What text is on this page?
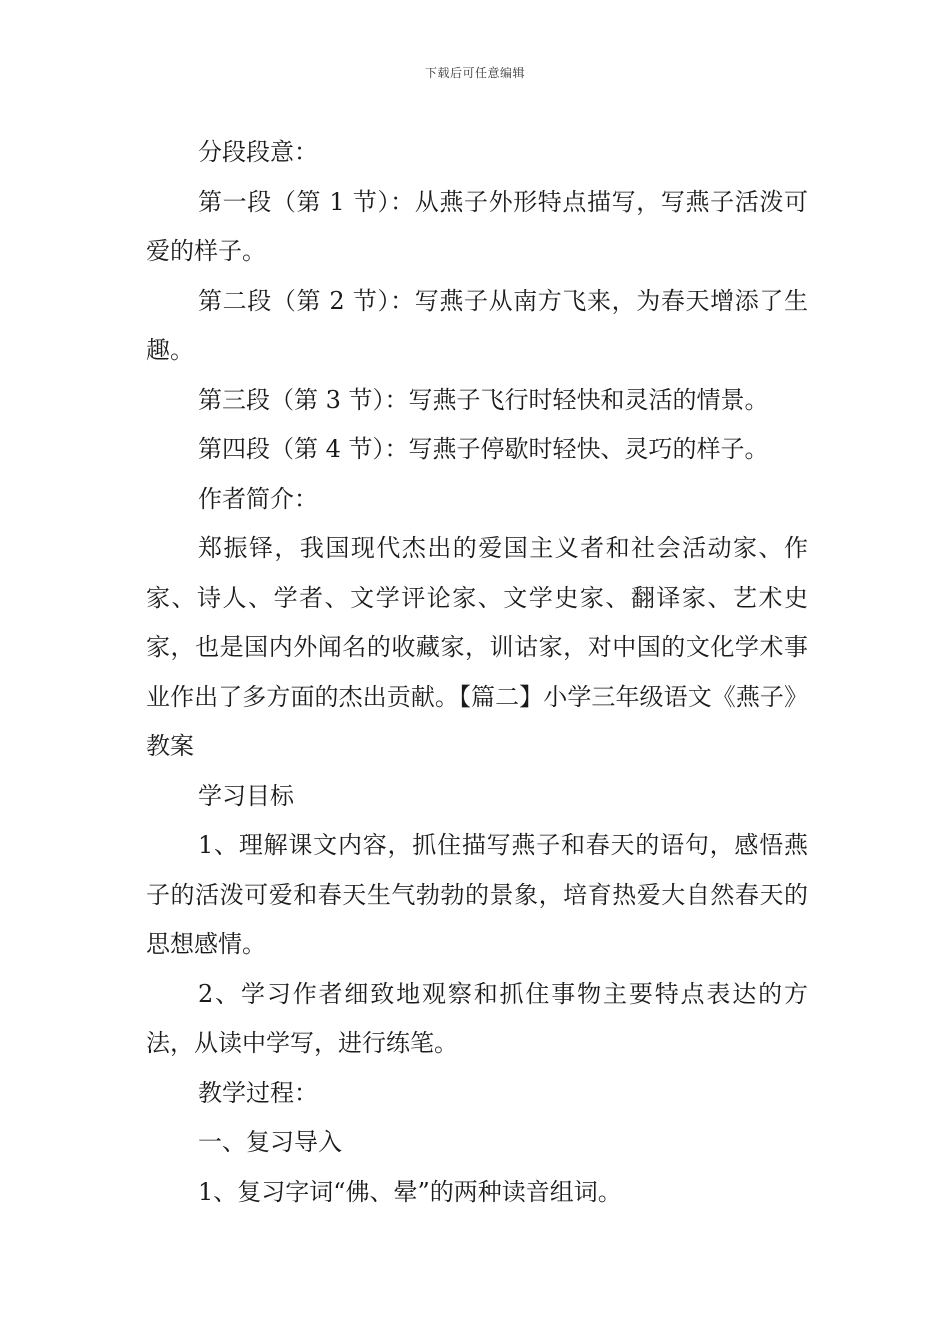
下载后可任意编辑

分段段意：

第一段（第 1 节）：从燕子外形特点描写，写燕子活泼可爱的样子。

第二段（第 2 节）：写燕子从南方飞来，为春天增添了生趣。

第三段（第 3 节）：写燕子飞行时轻快和灵活的情景。

第四段（第 4 节）：写燕子停歇时轻快、灵巧的样子。

作者简介：

郑振铎，我国现代杰出的爱国主义者和社会活动家、作家、诗人、学者、文学评论家、文学史家、翻译家、艺术史家，也是国内外闻名的收藏家，训诂家，对中国的文化学术事业作出了多方面的杰出贡献。【篇二】小学三年级语文《燕子》教案

学习目标

1、理解课文内容，抓住描写燕子和春天的语句，感悟燕子的活泼可爱和春天生气勃勃的景象，培育热爱大自然春天的思想感情。

2、学习作者细致地观察和抓住事物主要特点表达的方法，从读中学写，进行练笔。

教学过程：

一、复习导入

1、复习字词“佛、晕”的两种读音组词。
